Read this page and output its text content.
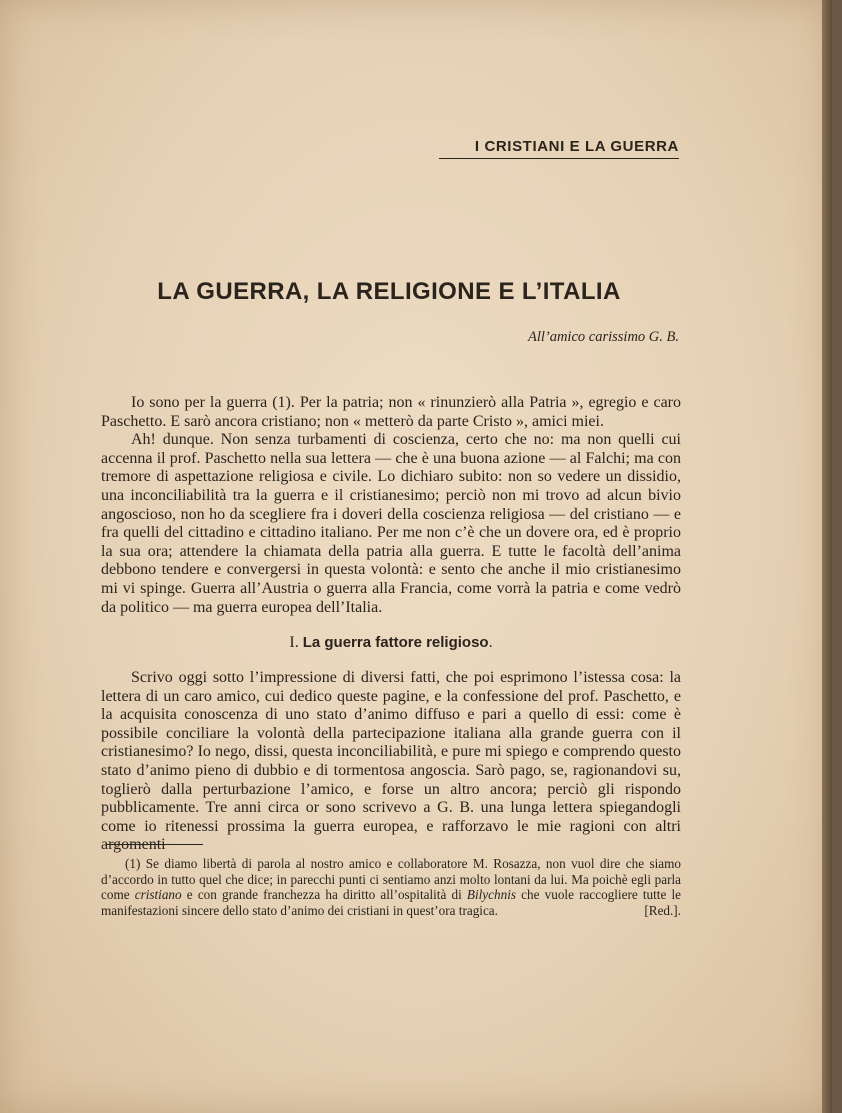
I CRISTIANI E LA GUERRA
LA GUERRA, LA RELIGIONE E L’ITALIA
All’amico carissimo G. B.

Io sono per la guerra (1). Per la patria; non « rinunzierò alla Patria », egregio e caro Paschetto. E sarò ancora cristiano; non « metterò da parte Cristo », amici miei.

Ah! dunque. Non senza turbamenti di coscienza, certo che no: ma non quelli cui accenna il prof. Paschetto nella sua lettera — che è una buona azione — al Falchi; ma con tremore di aspettazione religiosa e civile. Lo dichiaro subito: non so vedere un dissidio, una inconciliabilità tra la guerra e il cristianesimo; perciò non mi trovo ad alcun bivio angoscioso, non ho da scegliere fra i doveri della coscienza religiosa — del cristiano — e fra quelli del cittadino e cittadino italiano. Per me non c’è che un dovere ora, ed è proprio la sua ora; attendere la chiamata della patria alla guerra. E tutte le facoltà dell’anima debbono tendere e convergersi in questa volontà: e sento che anche il mio cristianesimo mi vi spinge. Guerra all’Austria o guerra alla Francia, come vorrà la patria e come vedrò da politico — ma guerra europea dell’Italia.

I. La guerra fattore religioso.

Scrivo oggi sotto l’impressione di diversi fatti, che poi esprimono l’istessa cosa: la lettera di un caro amico, cui dedico queste pagine, e la confessione del prof. Paschetto, e la acquisita conoscenza di uno stato d’animo diffuso e pari a quello di essi: come è possibile conciliare la volontà della partecipazione italiana alla grande guerra con il cristianesimo? Io nego, dissi, questa inconciliabilità, e pure mi spiego e comprendo questo stato d’animo pieno di dubbio e di tormentosa angoscia. Sarò pago, se, ragionandovi su, toglierò dalla perturbazione l’amico, e forse un altro ancora; perciò gli rispondo pubblicamente. Tre anni circa or sono scrivevo a G. B. una lunga lettera spiegandogli come io ritenessi prossima la guerra europea, e rafforzavo le mie ragioni con altri argomenti

(1) Se diamo libertà di parola al nostro amico e collaboratore M. Rosazza, non vuol dire che siamo d’accordo in tutto quel che dice; in parecchi punti ci sentiamo anzi molto lontani da lui. Ma poichè egli parla come cristiano e con grande franchezza ha diritto all’ospitalità di Bilychnis che vuole raccogliere tutte le manifestazioni sincere dello stato d’animo dei cristiani in quest’ora tragica.	[Red.].
